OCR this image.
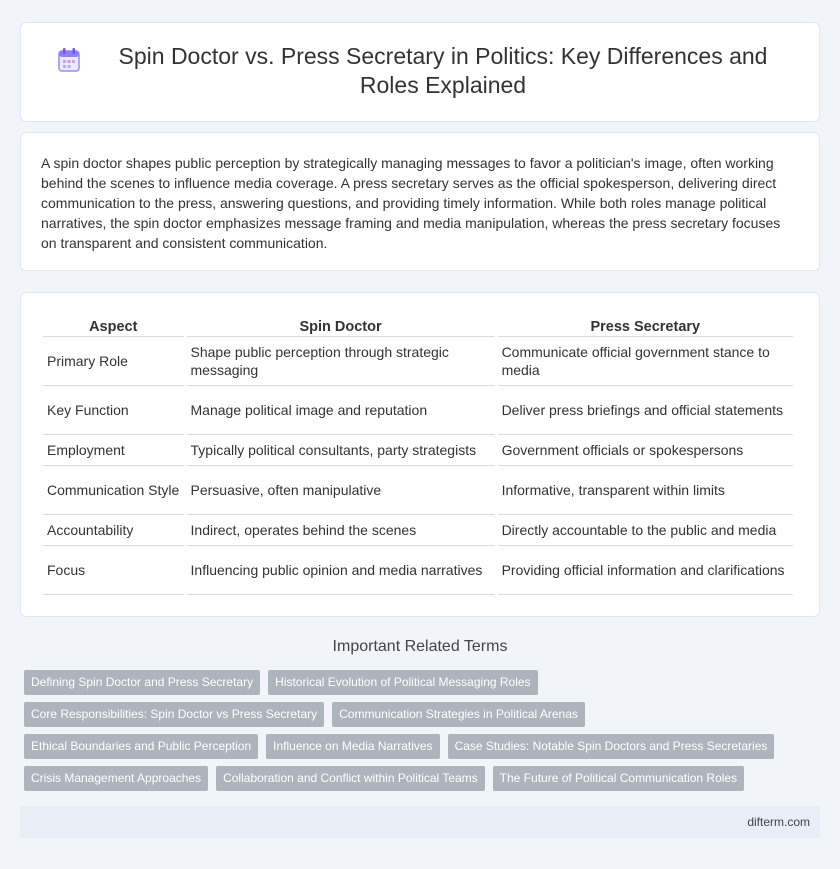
Spin Doctor vs. Press Secretary in Politics: Key Differences and Roles Explained

A spin doctor shapes public perception by strategically managing messages to favor a politician's image, often working behind the scenes to influence media coverage. A press secretary serves as the official spokesperson, delivering direct communication to the press, answering questions, and providing timely information. While both roles manage political narratives, the spin doctor emphasizes message framing and media manipulation, whereas the press secretary focuses on transparent and consistent communication.

Aspect	Spin Doctor	Press Secretary
Primary Role	Shape public perception through strategic messaging	Communicate official government stance to media
Key Function	Manage political image and reputation	Deliver press briefings and official statements
Employment	Typically political consultants, party strategists	Government officials or spokespersons
Communication Style	Persuasive, often manipulative	Informative, transparent within limits
Accountability	Indirect, operates behind the scenes	Directly accountable to the public and media
Focus	Influencing public opinion and media narratives	Providing official information and clarifications
Important Related Terms
Defining Spin Doctor and Press Secretary	Historical Evolution of Political Messaging Roles
Core Responsibilities: Spin Doctor vs Press Secretary	Communication Strategies in Political Arenas
Ethical Boundaries and Public Perception	Influence on Media Narratives	Case Studies: Notable Spin Doctors and Press Secretaries
Crisis Management Approaches	Collaboration and Conflict within Political Teams	The Future of Political Communication Roles
difterm.com
